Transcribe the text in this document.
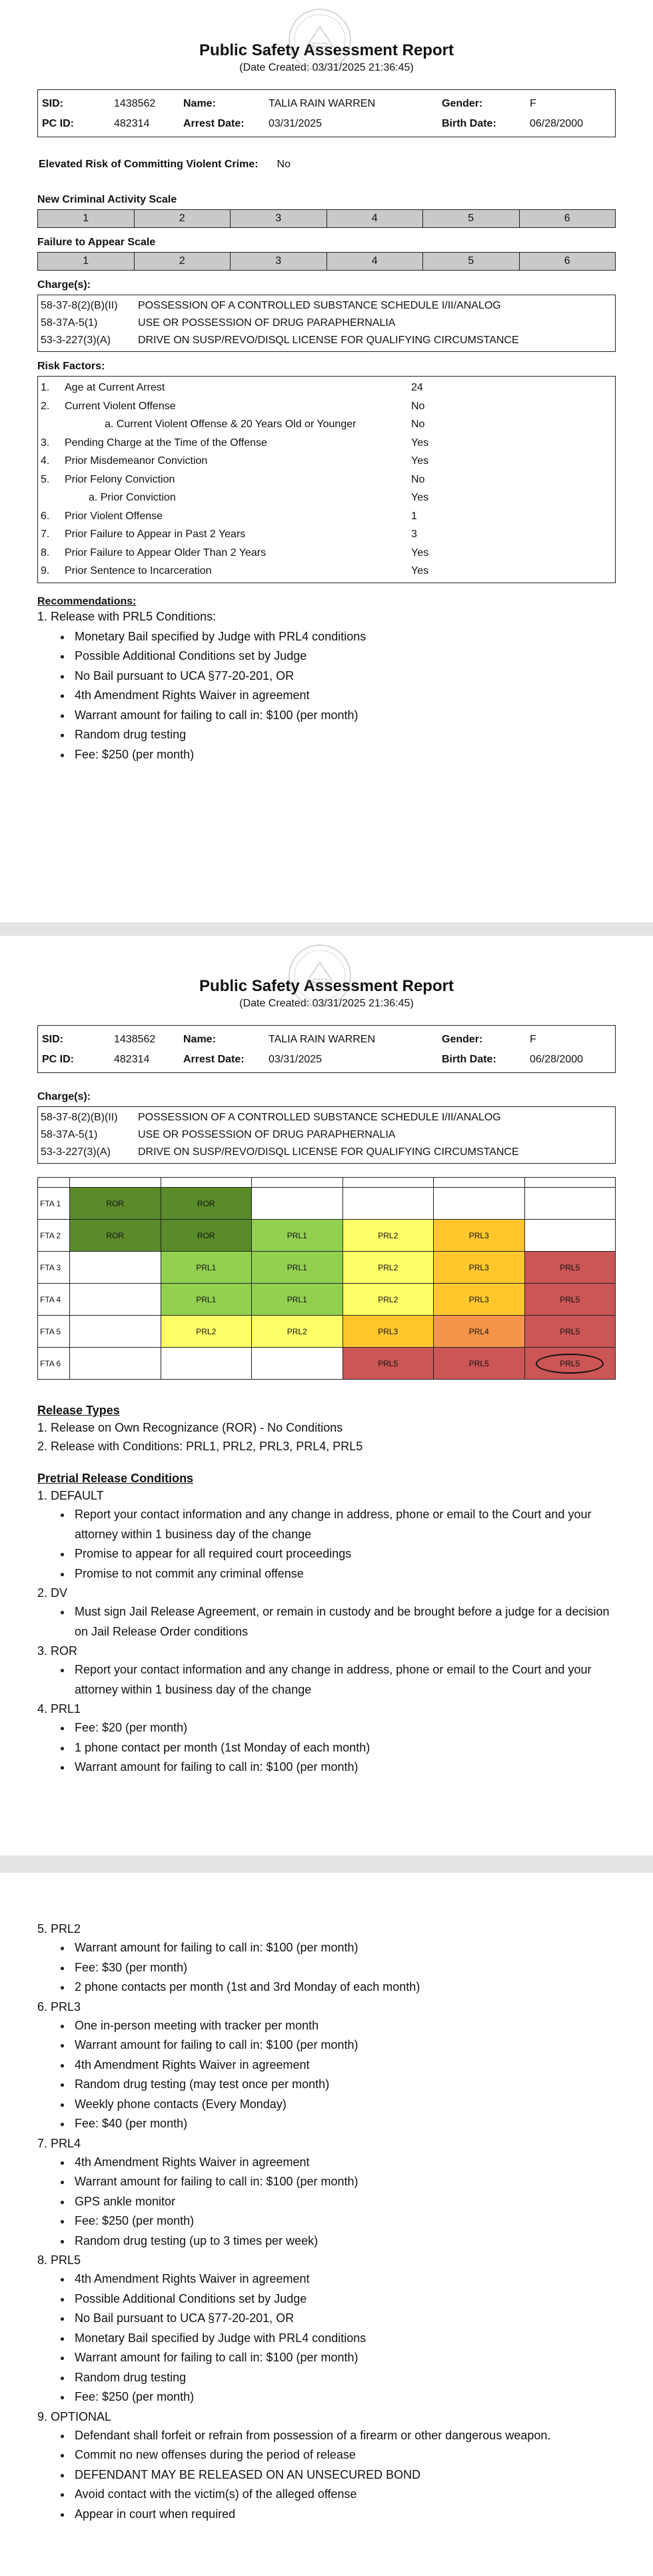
Public Safety Assessment Report
(Date Created: 03/31/2025 21:36:45)
SID:	1438562	Name:	TALIA RAIN WARREN	Gender:	F
PC ID:	482314	Arrest Date:	03/31/2025	Birth Date:	06/28/2000
Elevated Risk of Committing Violent Crime: No
New Criminal Activity Scale
1	2	3	4	5	6
Failure to Appear Scale
1	2	3	4	5	6
Charge(s):
58-37-8(2)(B)(II)	POSSESSION OF A CONTROLLED SUBSTANCE SCHEDULE I/II/ANALOG
58-37A-5(1)	USE OR POSSESSION OF DRUG PARAPHERNALIA
53-3-227(3)(A)	DRIVE ON SUSP/REVO/DISQL LICENSE FOR QUALIFYING CIRCUMSTANCE
Risk Factors:
1.	Age at Current Arrest	24
2.	Current Violent Offense	No
a. Current Violent Offense & 20 Years Old or Younger	No
3.	Pending Charge at the Time of the Offense	Yes
4.	Prior Misdemeanor Conviction	Yes
5.	Prior Felony Conviction	No
a. Prior Conviction	Yes
6.	Prior Violent Offense	1
7.	Prior Failure to Appear in Past 2 Years	3
8.	Prior Failure to Appear Older Than 2 Years	Yes
9.	Prior Sentence to Incarceration	Yes
Recommendations:
1. Release with PRL5 Conditions:
• Monetary Bail specified by Judge with PRL4 conditions
• Possible Additional Conditions set by Judge
• No Bail pursuant to UCA §77-20-201, OR
• 4th Amendment Rights Waiver in agreement
• Warrant amount for failing to call in: $100 (per month)
• Random drug testing
• Fee: $250 (per month)
Public Safety Assessment Report
(Date Created: 03/31/2025 21:36:45)
SID:	1438562	Name:	TALIA RAIN WARREN	Gender:	F
PC ID:	482314	Arrest Date:	03/31/2025	Birth Date:	06/28/2000
Charge(s):
58-37-8(2)(B)(II)	POSSESSION OF A CONTROLLED SUBSTANCE SCHEDULE I/II/ANALOG
58-37A-5(1)	USE OR POSSESSION OF DRUG PARAPHERNALIA
53-3-227(3)(A)	DRIVE ON SUSP/REVO/DISQL LICENSE FOR QUALIFYING CIRCUMSTANCE

FTA 1	ROR	ROR				
FTA 2	ROR	ROR	PRL1	PRL2	PRL3	
FTA 3		PRL1	PRL1	PRL2	PRL3	PRL5
FTA 4		PRL1	PRL1	PRL2	PRL3	PRL5
FTA 5		PRL2	PRL2	PRL3	PRL4	PRL5
FTA 6				PRL5	PRL5	PRL5
Release Types
1. Release on Own Recognizance (ROR) - No Conditions
2. Release with Conditions: PRL1, PRL2, PRL3, PRL4, PRL5
Pretrial Release Conditions
1. DEFAULT
• Report your contact information and any change in address, phone or email to the Court and your attorney within 1 business day of the change
• Promise to appear for all required court proceedings
• Promise to not commit any criminal offense
2. DV
• Must sign Jail Release Agreement, or remain in custody and be brought before a judge for a decision on Jail Release Order conditions
3. ROR
• Report your contact information and any change in address, phone or email to the Court and your attorney within 1 business day of the change
4. PRL1
• Fee: $20 (per month)
• 1 phone contact per month (1st Monday of each month)
• Warrant amount for failing to call in: $100 (per month)
5. PRL2
• Warrant amount for failing to call in: $100 (per month)
• Fee: $30 (per month)
• 2 phone contacts per month (1st and 3rd Monday of each month)
6. PRL3
• One in-person meeting with tracker per month
• Warrant amount for failing to call in: $100 (per month)
• 4th Amendment Rights Waiver in agreement
• Random drug testing (may test once per month)
• Weekly phone contacts (Every Monday)
• Fee: $40 (per month)
7. PRL4
• 4th Amendment Rights Waiver in agreement
• Warrant amount for failing to call in: $100 (per month)
• GPS ankle monitor
• Fee: $250 (per month)
• Random drug testing (up to 3 times per week)
8. PRL5
• 4th Amendment Rights Waiver in agreement
• Possible Additional Conditions set by Judge
• No Bail pursuant to UCA §77-20-201, OR
• Monetary Bail specified by Judge with PRL4 conditions
• Warrant amount for failing to call in: $100 (per month)
• Random drug testing
• Fee: $250 (per month)
9. OPTIONAL
• Defendant shall forfeit or refrain from possession of a firearm or other dangerous weapon.
• Commit no new offenses during the period of release
• DEFENDANT MAY BE RELEASED ON AN UNSECURED BOND
• Avoid contact with the victim(s) of the alleged offense
• Appear in court when required
